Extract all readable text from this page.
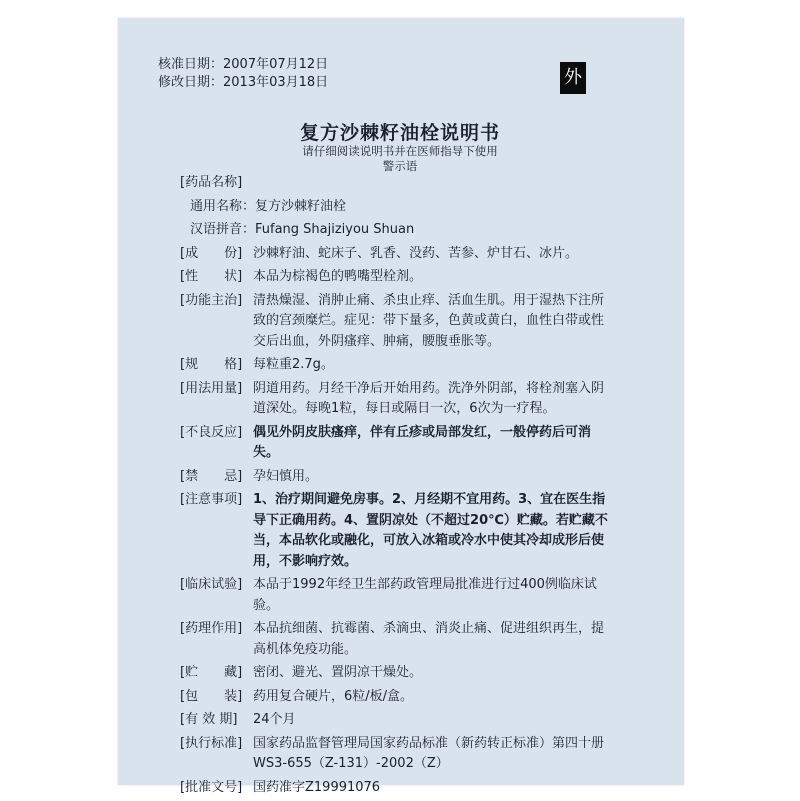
核准日期：2007年07月12日
修改日期：2013年03月18日	外
复方沙棘籽油栓说明书
请仔细阅读说明书并在医师指导下使用
警示语
[药品名称]
通用名称：复方沙棘籽油栓
汉语拼音：Fufang Shajiziyou Shuan
[成　　份] 沙棘籽油、蛇床子、乳香、没药、苦参、炉甘石、冰片。
[性　　状] 本品为棕褐色的鸭嘴型栓剂。
[功能主治] 清热燥湿、消肿止痛、杀虫止痒、活血生肌。用于湿热下注所致的宫颈糜烂。症见：带下量多，色黄或黄白，血性白带或性交后出血，外阴瘙痒、肿痛，腰腹垂胀等。
[规　　格] 每粒重2.7g。
[用法用量] 阴道用药。月经干净后开始用药。洗净外阴部，将栓剂塞入阴道深处。每晚1粒，每日或隔日一次，6次为一疗程。
[不良反应] 偶见外阴皮肤瘙痒，伴有丘疹或局部发红，一般停药后可消失。
[禁　　忌] 孕妇慎用。
[注意事项] 1、治疗期间避免房事。2、月经期不宜用药。3、宜在医生指导下正确用药。4、置阴凉处（不超过20℃）贮藏。若贮藏不当，本品软化或融化，可放入冰箱或冷水中使其冷却成形后使用，不影响疗效。
[临床试验] 本品于1992年经卫生部药政管理局批准进行过400例临床试验。
[药理作用] 本品抗细菌、抗霉菌、杀滴虫、消炎止痛、促进组织再生，提高机体免疫功能。
[贮　　藏] 密闭、避光、置阴凉干燥处。
[包　　装] 药用复合硬片，6粒/板/盒。
[有 效 期]	24个月
[执行标准] 国家药品监督管理局国家药品标准（新药转正标准）第四十册WS3-655（Z-131）-2002（Z）
[批准文号] 国药准字Z19991076
